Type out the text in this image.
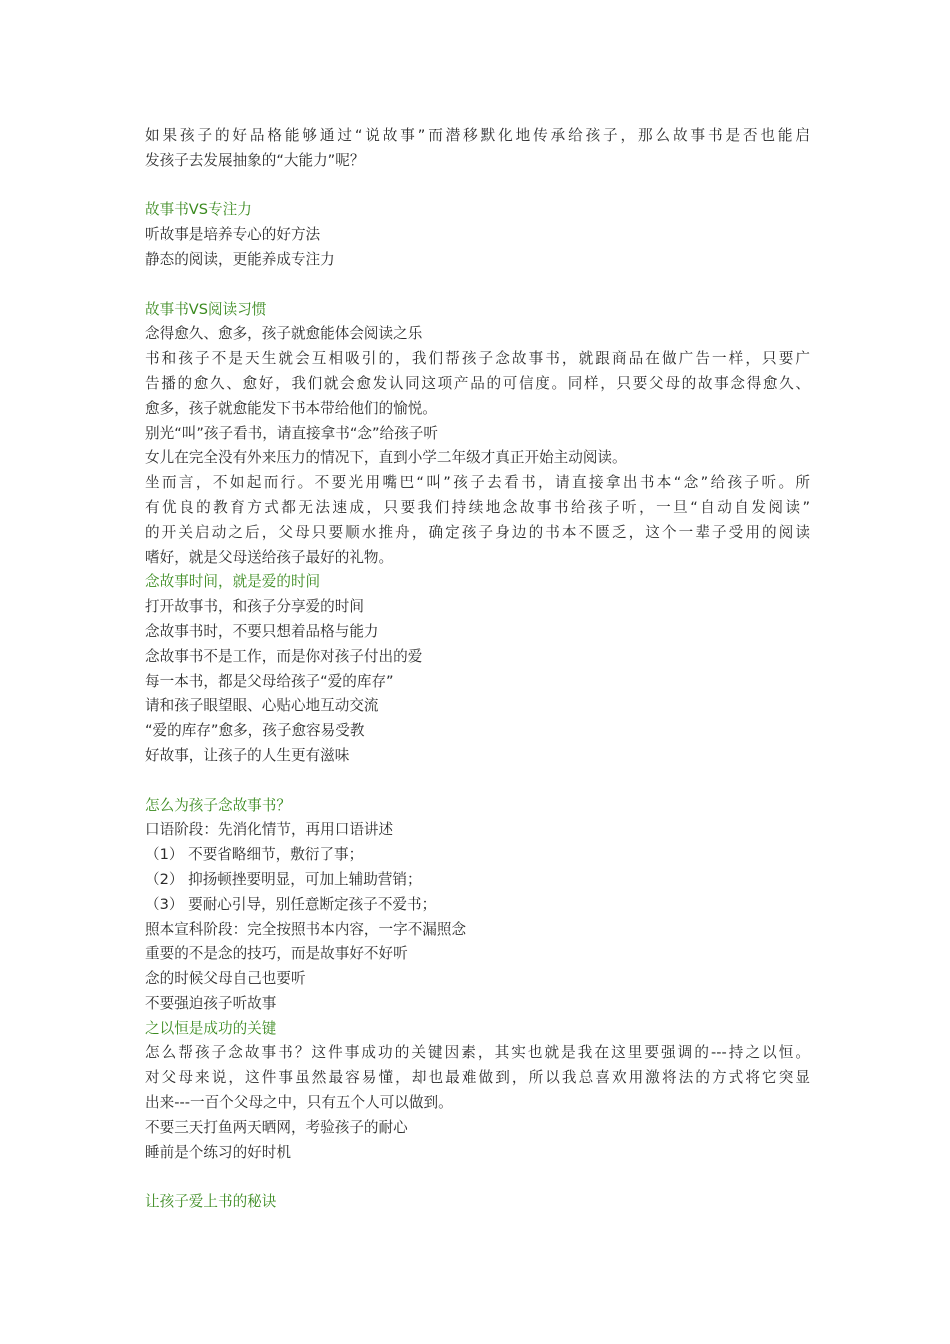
如果孩子的好品格能够通过“说故事”而潜移默化地传承给孩子，那么故事书是否也能启
发孩子去发展抽象的“大能力”呢？
故事书VS专注力
听故事是培养专心的好方法
静态的阅读，更能养成专注力
故事书VS阅读习惯
念得愈久、愈多，孩子就愈能体会阅读之乐
书和孩子不是天生就会互相吸引的，我们帮孩子念故事书，就跟商品在做广告一样，只要广
告播的愈久、愈好，我们就会愈发认同这项产品的可信度。同样，只要父母的故事念得愈久、
愈多，孩子就愈能发下书本带给他们的愉悦。
别光“叫”孩子看书，请直接拿书“念”给孩子听
女儿在完全没有外来压力的情况下，直到小学二年级才真正开始主动阅读。
坐而言，不如起而行。不要光用嘴巴“叫”孩子去看书，请直接拿出书本“念”给孩子听。所
有优良的教育方式都无法速成，只要我们持续地念故事书给孩子听，一旦“自动自发阅读”
的开关启动之后，父母只要顺水推舟，确定孩子身边的书本不匮乏，这个一辈子受用的阅读
嗜好，就是父母送给孩子最好的礼物。
念故事时间，就是爱的时间
打开故事书，和孩子分享爱的时间
念故事书时，不要只想着品格与能力
念故事书不是工作，而是你对孩子付出的爱
每一本书，都是父母给孩子“爱的库存”
请和孩子眼望眼、心贴心地互动交流
“爱的库存”愈多，孩子愈容易受教
好故事，让孩子的人生更有滋味
怎么为孩子念故事书？
口语阶段：先消化情节，再用口语讲述
（1） 不要省略细节，敷衍了事；
（2） 抑扬顿挫要明显，可加上辅助营销；
（3） 要耐心引导，别任意断定孩子不爱书；
照本宣科阶段：完全按照书本内容，一字不漏照念
重要的不是念的技巧，而是故事好不好听
念的时候父母自己也要听
不要强迫孩子听故事
之以恒是成功的关键
怎么帮孩子念故事书？这件事成功的关键因素，其实也就是我在这里要强调的---持之以恒。
对父母来说，这件事虽然最容易懂，却也最难做到，所以我总喜欢用激将法的方式将它突显
出来---一百个父母之中，只有五个人可以做到。
不要三天打鱼两天晒网，考验孩子的耐心
睡前是个练习的好时机
让孩子爱上书的秘诀
